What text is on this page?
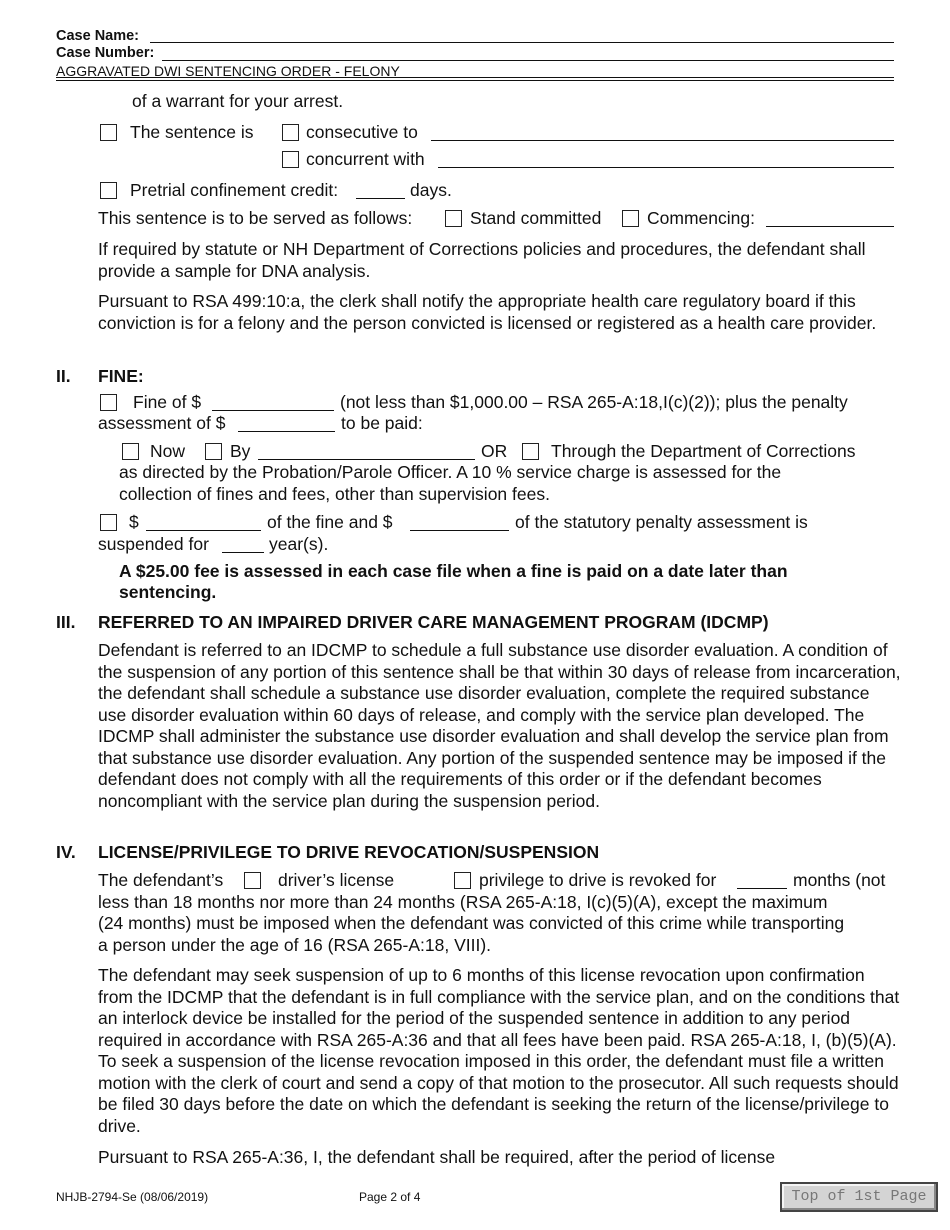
Case Name:
Case Number:
AGGRAVATED DWI SENTENCING ORDER - FELONY
of a warrant for your arrest.
The sentence is	consecutive to
concurrent with
Pretrial confinement credit:	days.
This sentence is to be served as follows:	Stand committed	Commencing:
If required by statute or NH Department of Corrections policies and procedures, the defendant shall provide a sample for DNA analysis.
Pursuant to RSA 499:10:a, the clerk shall notify the appropriate health care regulatory board if this conviction is for a felony and the person convicted is licensed or registered as a health care provider.
II. FINE:
Fine of $	(not less than $1,000.00 – RSA 265-A:18,I(c)(2)); plus the penalty
assessment of $	to be paid:
Now	By	OR	Through the Department of Corrections
as directed by the Probation/Parole Officer. A 10 % service charge is assessed for the
collection of fines and fees, other than supervision fees.
$	of the fine and $	of the statutory penalty assessment is
suspended for	year(s).
A $25.00 fee is assessed in each case file when a fine is paid on a date later than
sentencing.
III. REFERRED TO AN IMPAIRED DRIVER CARE MANAGEMENT PROGRAM (IDCMP)
Defendant is referred to an IDCMP to schedule a full substance use disorder evaluation. A condition of the suspension of any portion of this sentence shall be that within 30 days of release from incarceration, the defendant shall schedule a substance use disorder evaluation, complete the required substance use disorder evaluation within 60 days of release, and comply with the service plan developed. The IDCMP shall administer the substance use disorder evaluation and shall develop the service plan from that substance use disorder evaluation. Any portion of the suspended sentence may be imposed if the defendant does not comply with all the requirements of this order or if the defendant becomes noncompliant with the service plan during the suspension period.
IV. LICENSE/PRIVILEGE TO DRIVE REVOCATION/SUSPENSION
The defendant’s	driver’s license	privilege to drive is revoked for	months (not
less than 18 months nor more than 24 months (RSA 265-A:18, I(c)(5)(A), except the maximum
(24 months) must be imposed when the defendant was convicted of this crime while transporting
a person under the age of 16 (RSA 265-A:18, VIII).
The defendant may seek suspension of up to 6 months of this license revocation upon confirmation from the IDCMP that the defendant is in full compliance with the service plan, and on the conditions that an interlock device be installed for the period of the suspended sentence in addition to any period required in accordance with RSA 265-A:36 and that all fees have been paid. RSA 265-A:18, I, (b)(5)(A). To seek a suspension of the license revocation imposed in this order, the defendant must file a written motion with the clerk of court and send a copy of that motion to the prosecutor. All such requests should be filed 30 days before the date on which the defendant is seeking the return of the license/privilege to drive.
Pursuant to RSA 265-A:36, I, the defendant shall be required, after the period of license
NHJB-2794-Se (08/06/2019)	Page 2 of 4	Top of 1st Page
